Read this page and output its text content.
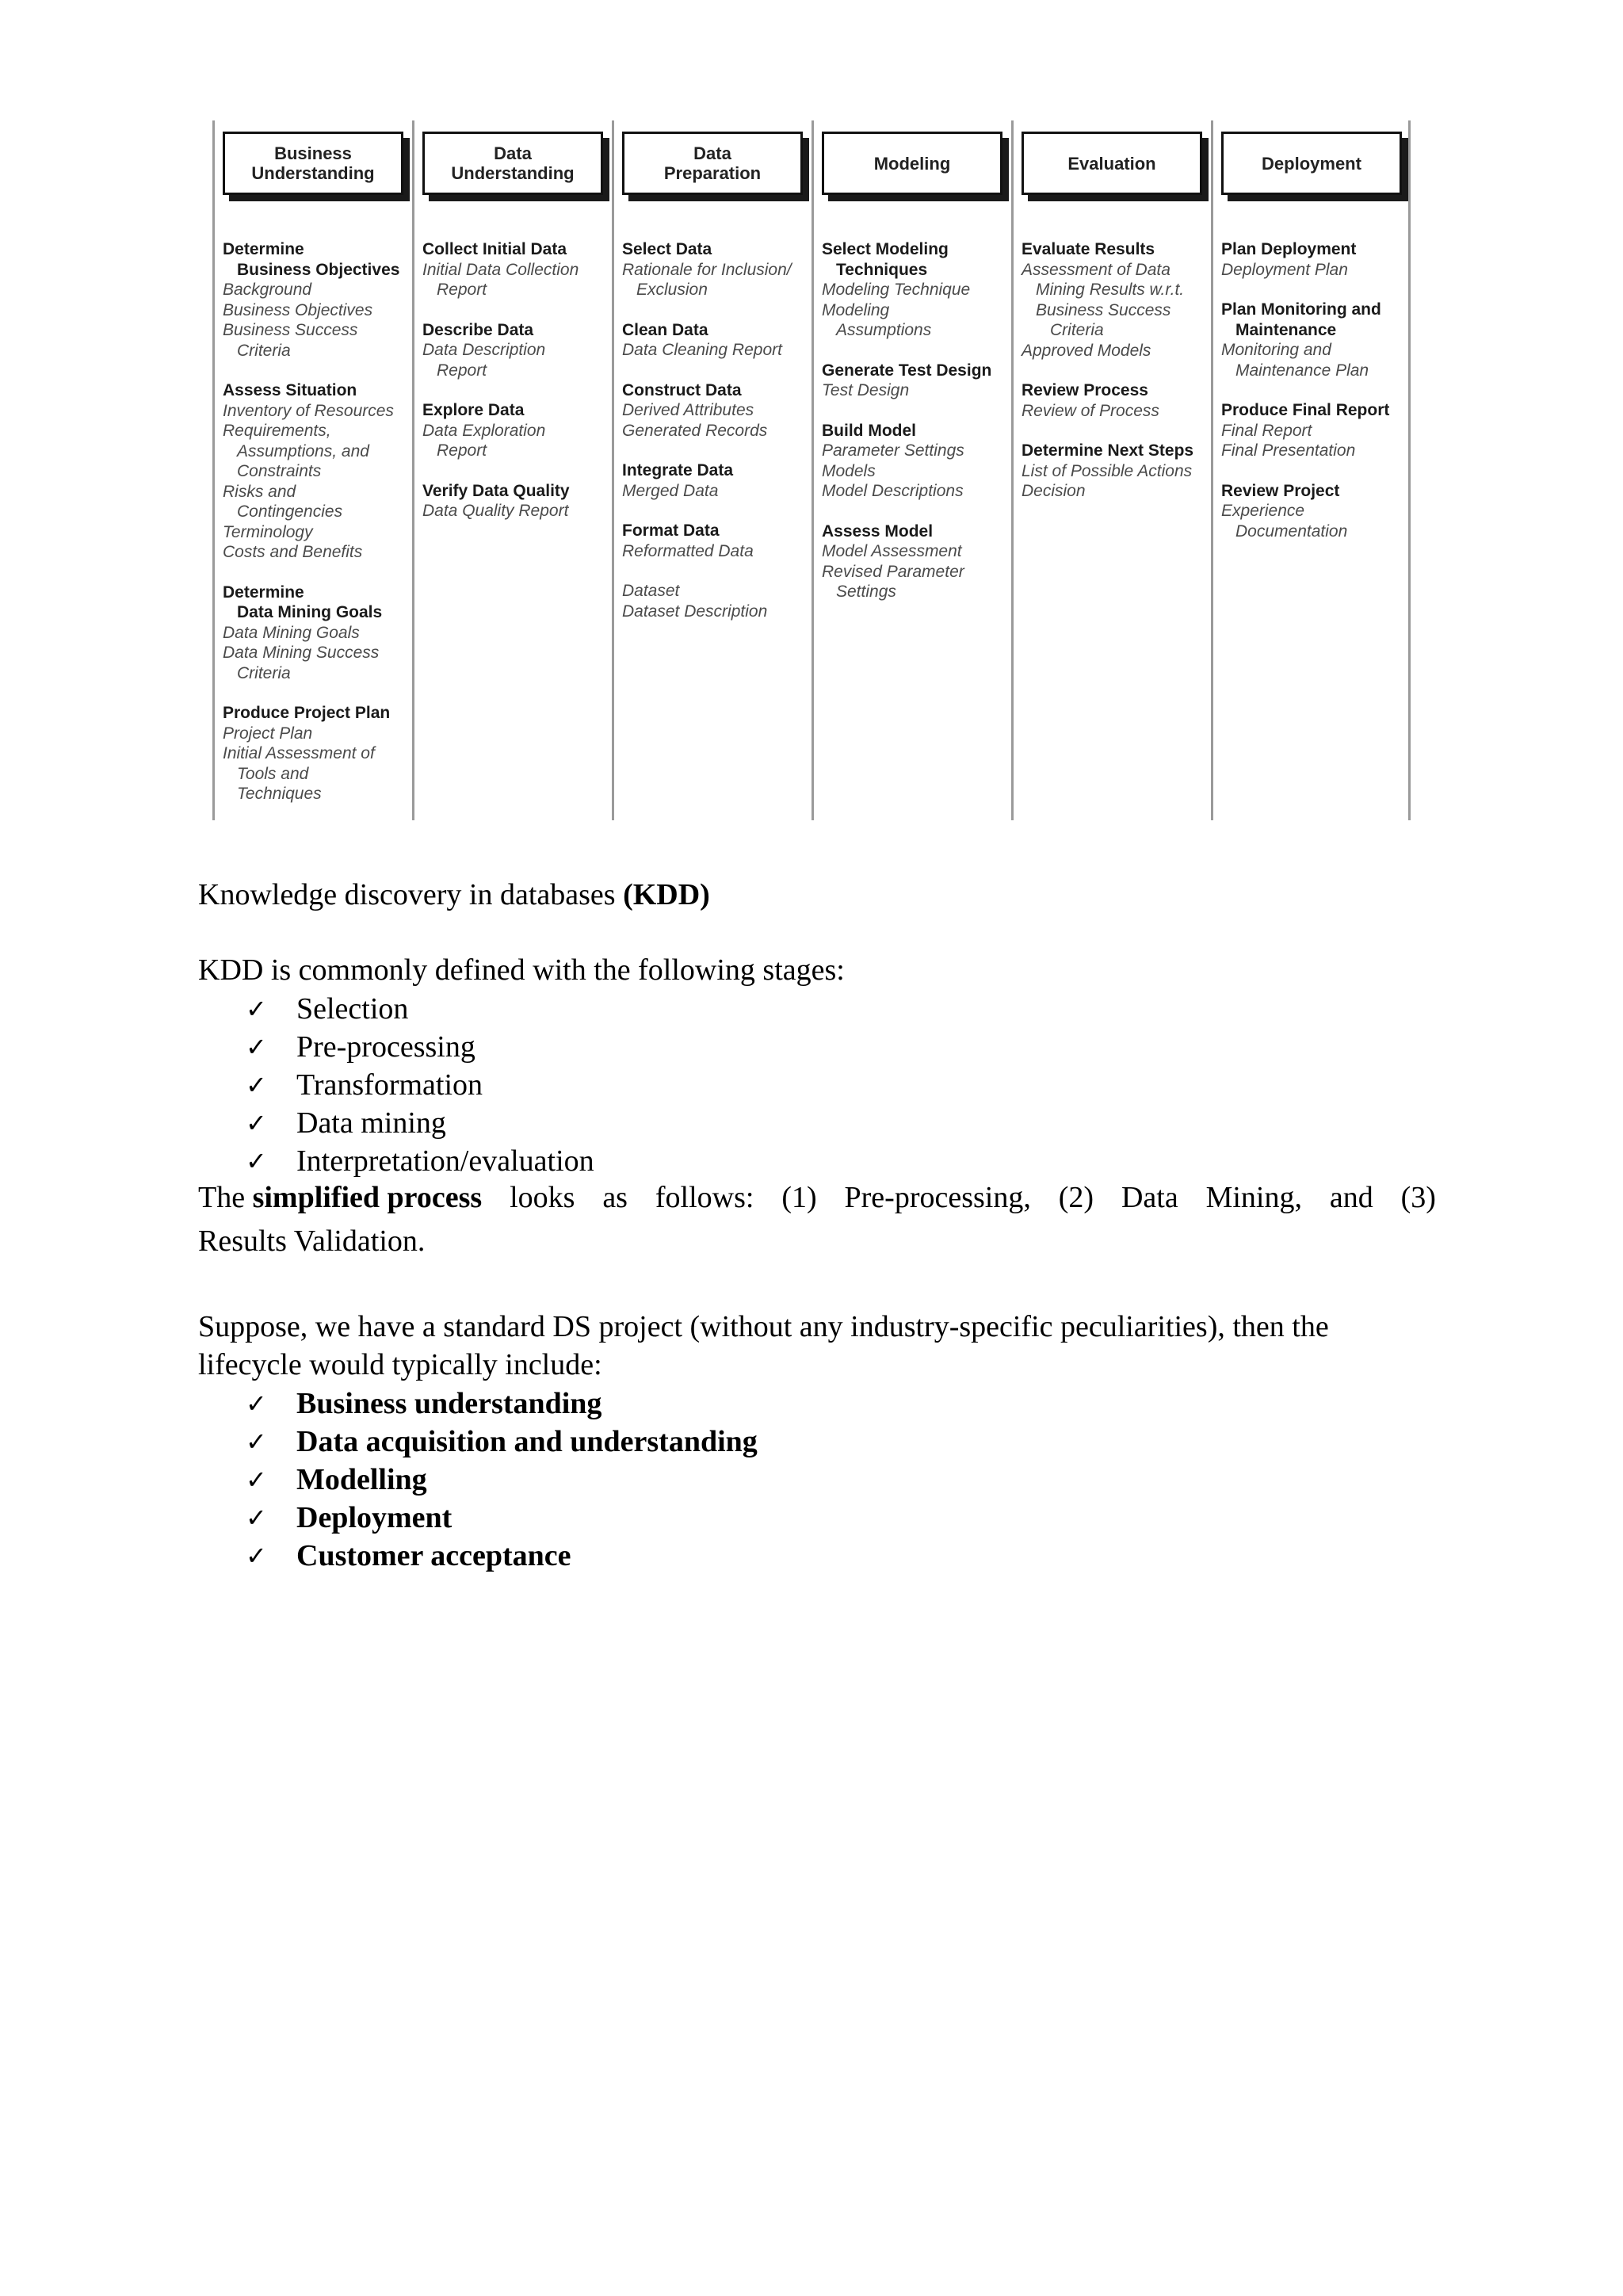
Business
Understanding
Determine
Business Objectives
Background
Business Objectives
Business Success
Criteria
Assess Situation
Inventory of Resources
Requirements,
Assumptions, and
Constraints
Risks and
Contingencies
Terminology
Costs and Benefits
Determine
Data Mining Goals
Data Mining Goals
Data Mining Success
Criteria
Produce Project Plan
Project Plan
Initial Assessment of
Tools and
Techniques
Data
Understanding
Collect Initial Data
Initial Data Collection
Report
Describe Data
Data Description
Report
Explore Data
Data Exploration
Report
Verify Data Quality
Data Quality Report
Data
Preparation
Select Data
Rationale for Inclusion/
Exclusion
Clean Data
Data Cleaning Report
Construct Data
Derived Attributes
Generated Records
Integrate Data
Merged Data
Format Data
Reformatted Data
Dataset
Dataset Description
Modeling
Select Modeling
Techniques
Modeling Technique
Modeling
Assumptions
Generate Test Design
Test Design
Build Model
Parameter Settings
Models
Model Descriptions
Assess Model
Model Assessment
Revised Parameter
Settings
Evaluation
Evaluate Results
Assessment of Data
Mining Results w.r.t.
Business Success
Criteria
Approved Models
Review Process
Review of Process
Determine Next Steps
List of Possible Actions
Decision
Deployment
Plan Deployment
Deployment Plan
Plan Monitoring and
Maintenance
Monitoring and
Maintenance Plan
Produce Final Report
Final Report
Final Presentation
Review Project
Experience
Documentation
Knowledge discovery in databases (KDD)
KDD is commonly defined with the following stages:
✓ Selection
✓ Pre-processing
✓ Transformation
✓ Data mining
✓ Interpretation/evaluation
The simplified process looks as follows: (1) Pre-processing, (2) Data Mining, and (3)
Results Validation.
Suppose, we have a standard DS project (without any industry-specific peculiarities), then the
lifecycle would typically include:
✓ Business understanding
✓ Data acquisition and understanding
✓ Modelling
✓ Deployment
✓ Customer acceptance
